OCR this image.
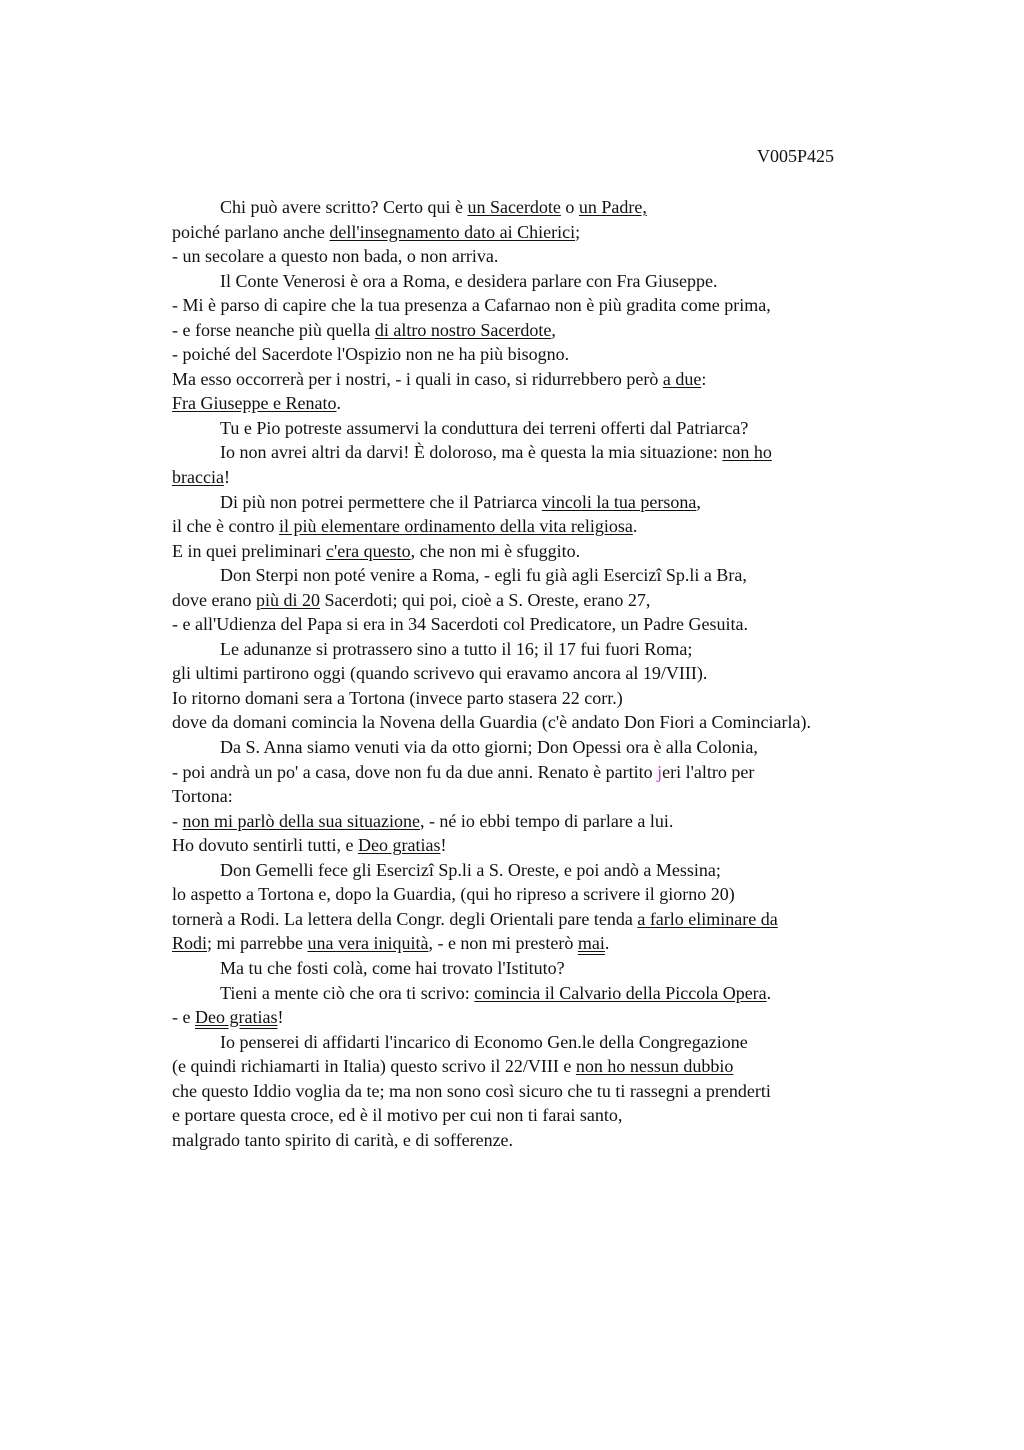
V005P425
Chi può avere scritto? Certo qui è un Sacerdote o un Padre,
poiché parlano anche dell'insegnamento dato ai Chierici;
- un secolare a questo non bada, o non arriva.
Il Conte Venerosi è ora a Roma, e desidera parlare con Fra Giuseppe.
- Mi è parso di capire che la tua presenza a Cafarnao non è più gradita come prima,
- e forse neanche più quella di altro nostro Sacerdote,
- poiché del Sacerdote l'Ospizio non ne ha più bisogno.
Ma esso occorrerà per i nostri, - i quali in caso, si ridurrebbero però a due:
Fra Giuseppe e Renato.
Tu e Pio potreste assumervi la conduttura dei terreni offerti dal Patriarca?
Io non avrei altri da darvi! È doloroso, ma è questa la mia situazione: non ho
braccia!
Di più non potrei permettere che il Patriarca vincoli la tua persona,
il che è contro il più elementare ordinamento della vita religiosa.
E in quei preliminari c'era questo, che non mi è sfuggito.
Don Sterpi non poté venire a Roma, - egli fu già agli Esercizi Sp.li a Bra,
dove erano più di 20 Sacerdoti; qui poi, cioè a S. Oreste, erano 27,
- e all'Udienza del Papa si era in 34 Sacerdoti col Predicatore, un Padre Gesuita.
Le adunanze si protrassero sino a tutto il 16; il 17 fui fuori Roma;
gli ultimi partirono oggi (quando scrivevo qui eravamo ancora al 19/VIII).
Io ritorno domani sera a Tortona (invece parto stasera 22 corr.)
dove da domani comincia la Novena della Guardia (c'è andato Don Fiori a Cominciarla).
Da S. Anna siamo venuti via da otto giorni; Don Opessi ora è alla Colonia,
- poi andrà un po' a casa, dove non fu da due anni. Renato è partito jeri l'altro per
Tortona:
- non mi parlò della sua situazione, - né io ebbi tempo di parlare a lui.
Ho dovuto sentirli tutti, e Deo gratias!
Don Gemelli fece gli Esercizi Sp.li a S. Oreste, e poi andò a Messina;
lo aspetto a Tortona e, dopo la Guardia, (qui ho ripreso a scrivere il giorno 20)
tornerà a Rodi. La lettera della Congr. degli Orientali pare tenda a farlo eliminare da
Rodi; mi parrebbe una vera iniquità, - e non mi presterò mai.
Ma tu che fosti colà, come hai trovato l'Istituto?
Tieni a mente ciò che ora ti scrivo: comincia il Calvario della Piccola Opera.
- e Deo gratias!
Io penserei di affidarti l'incarico di Economo Gen.le della Congregazione
(e quindi richiamarti in Italia) questo scrivo il 22/VIII e non ho nessun dubbio
che questo Iddio voglia da te; ma non sono così sicuro che tu ti rassegni a prenderti
e portare questa croce, ed è il motivo per cui non ti farai santo,
malgrado tanto spirito di carità, e di sofferenze.
